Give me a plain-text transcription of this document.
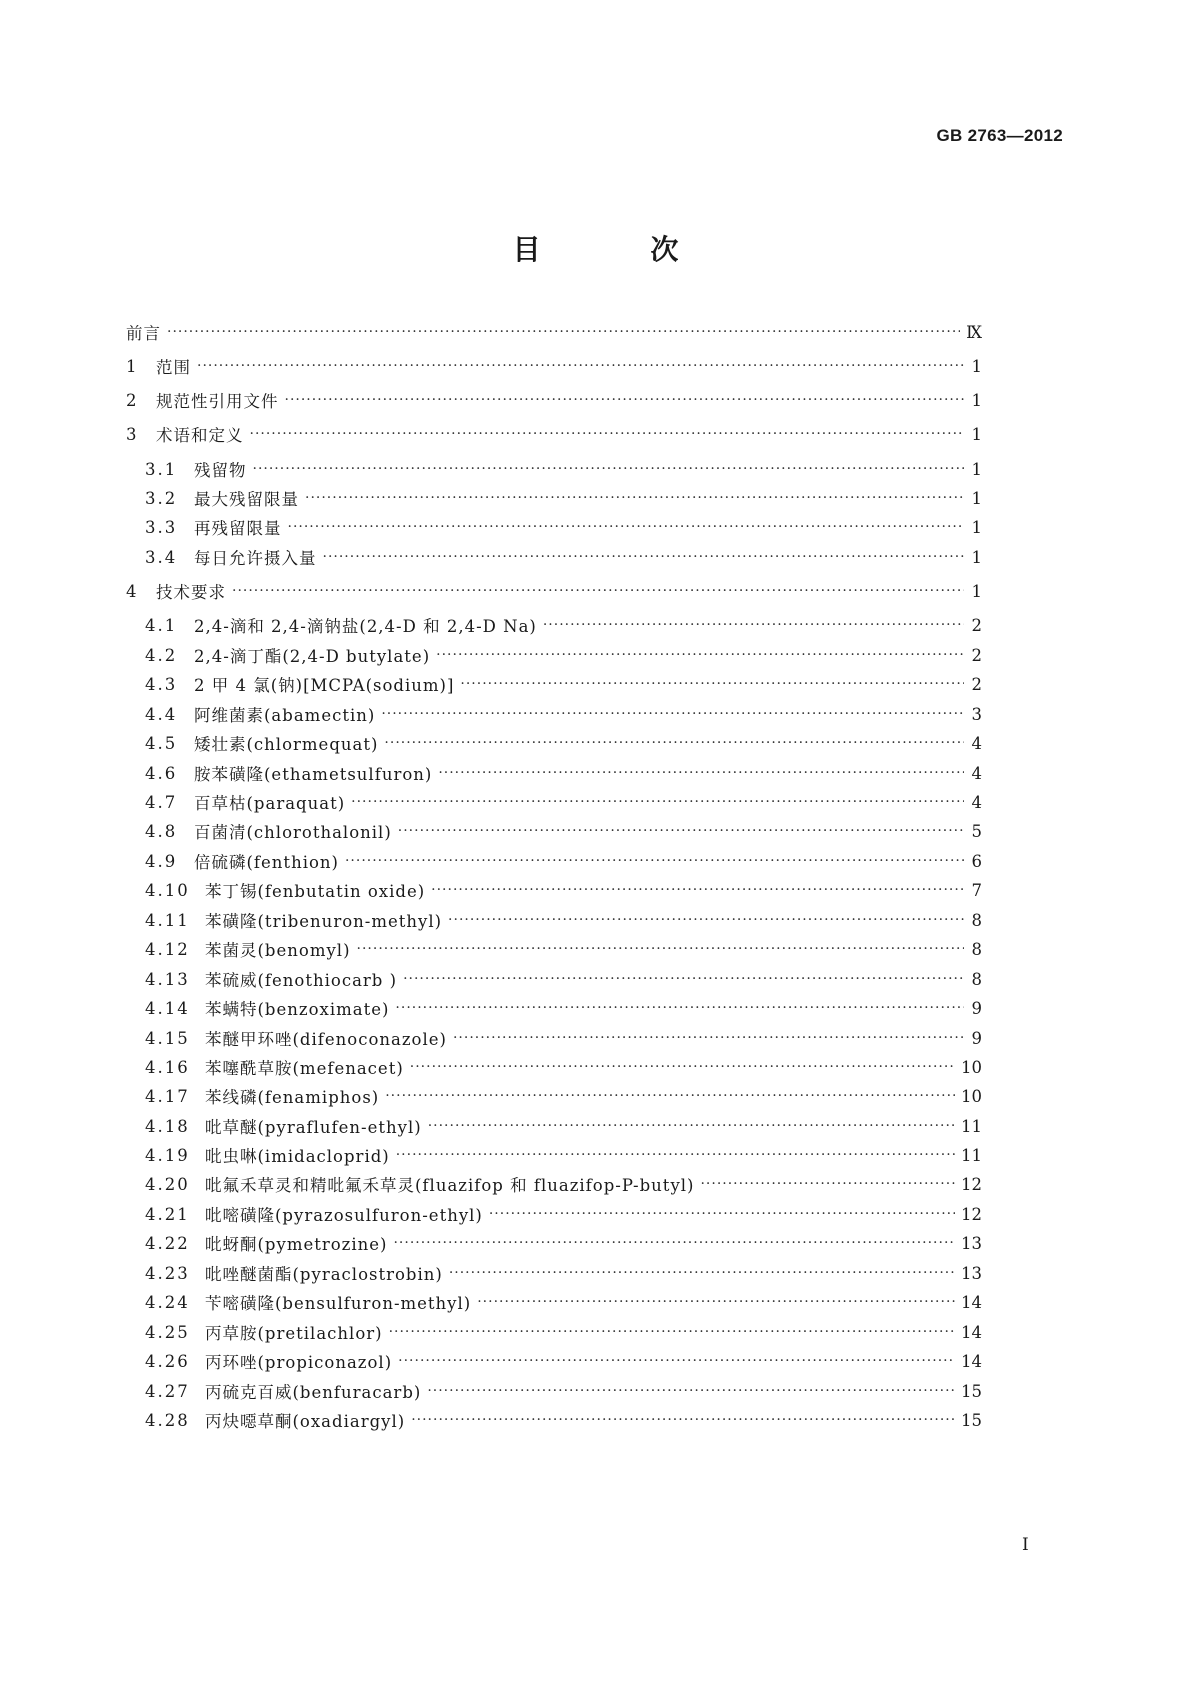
GB 2763—2012
目 次
前言 ·····	Ⅸ
1	范围 ·····	1
2	规范性引用文件 ·····	1
3	术语和定义 ·····	1
3.1	残留物 ·····	1
3.2	最大残留限量 ·····	1
3.3	再残留限量 ·····	1
3.4	每日允许摄入量 ·····	1
4	技术要求 ·····	1
4.1	2,4-滴和 2,4-滴钠盐(2,4-D 和 2,4-D Na) ·····	2
4.2	2,4-滴丁酯(2,4-D butylate) ·····	2
4.3	2 甲 4 氯(钠)[MCPA(sodium)] ·····	2
4.4	阿维菌素(abamectin) ·····	3
4.5	矮壮素(chlormequat) ·····	4
4.6	胺苯磺隆(ethametsulfuron) ·····	4
4.7	百草枯(paraquat) ·····	4
4.8	百菌清(chlorothalonil) ·····	5
4.9	倍硫磷(fenthion) ·····	6
4.10 苯丁锡(fenbutatin oxide) ·····	7
4.11 苯磺隆(tribenuron-methyl) ·····	8
4.12 苯菌灵(benomyl) ·····	8
4.13 苯硫威(fenothiocarb ) ·····	8
4.14 苯螨特(benzoximate) ·····	9
4.15 苯醚甲环唑(difenoconazole) ·····	9
4.16 苯噻酰草胺(mefenacet) ·····	10
4.17 苯线磷(fenamiphos) ·····	10
4.18 吡草醚(pyraflufen-ethyl) ·····	11
4.19 吡虫啉(imidacloprid) ·····	11
4.20 吡氟禾草灵和精吡氟禾草灵(fluazifop 和 fluazifop-P-butyl) ·····	12
4.21 吡嘧磺隆(pyrazosulfuron-ethyl) ·····	12
4.22 吡蚜酮(pymetrozine) ·····	13
4.23 吡唑醚菌酯(pyraclostrobin) ·····	13
4.24 苄嘧磺隆(bensulfuron-methyl) ·····	14
4.25 丙草胺(pretilachlor) ·····	14
4.26 丙环唑(propiconazol) ·····	14
4.27 丙硫克百威(benfuracarb) ·····	15
4.28 丙炔噁草酮(oxadiargyl) ·····	15
I
